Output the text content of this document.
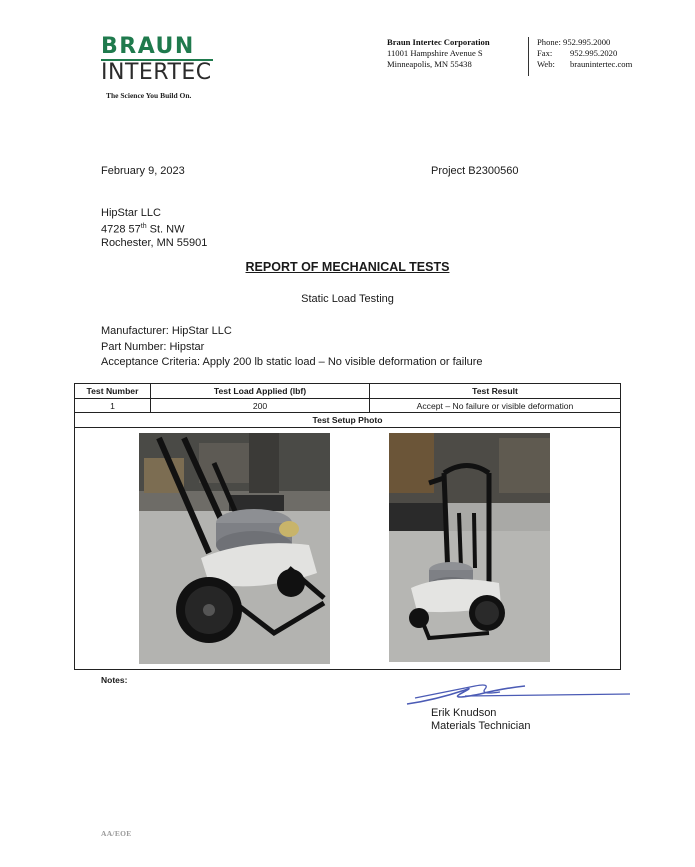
BRAUN
INTERTEC
The Science You Build On.
Braun Intertec Corporation
11001 Hampshire Avenue S
Minneapolis, MN 55438
Phone:
952.995.2000
Fax:	952.995.2020
Web:	braunintertec.com
February 9, 2023	Project B2300560
HipStar LLC
4728 57th St. NW
Rochester, MN 55901
REPORT OF MECHANICAL TESTS
Static Load Testing
Manufacturer: HipStar LLC
Part Number: Hipstar
Acceptance Criteria: Apply 200 lb static load – No visible deformation or failure
Test Number	Test Load Applied (lbf)	Test Result
1	200	Accept – No failure or visible deformation
Test Setup Photo
Notes:
Erik Knudson
Materials Technician
AA/EOE
